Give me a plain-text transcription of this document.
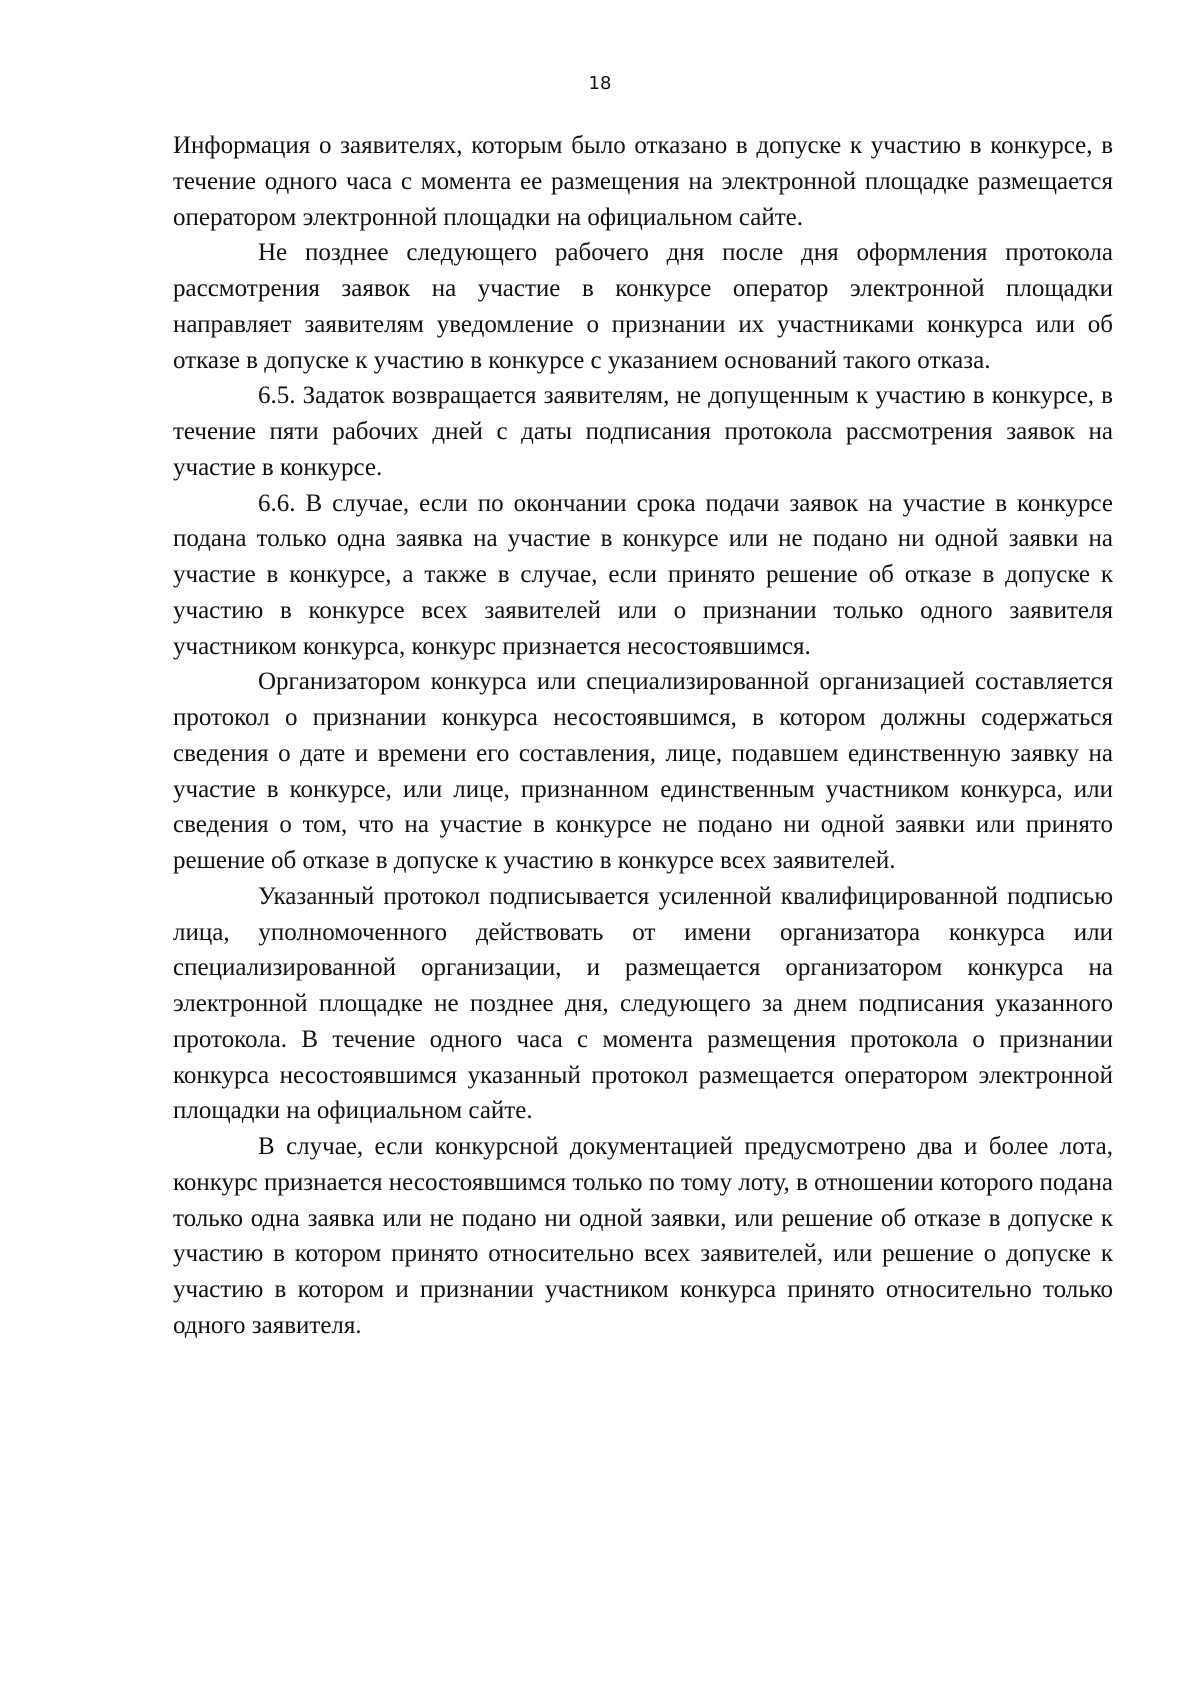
18

Информация о заявителях, которым было отказано в допуске к участию в конкурсе, в течение одного часа с момента ее размещения на электронной площадке размещается оператором электронной площадки на официальном сайте.

Не позднее следующего рабочего дня после дня оформления протокола рассмотрения заявок на участие в конкурсе оператор электронной площадки направляет заявителям уведомление о признании их участниками конкурса или об отказе в допуске к участию в конкурсе с указанием оснований такого отказа.

6.5. Задаток возвращается заявителям, не допущенным к участию в конкурсе, в течение пяти рабочих дней с даты подписания протокола рассмотрения заявок на участие в конкурсе.

6.6. В случае, если по окончании срока подачи заявок на участие в конкурсе подана только одна заявка на участие в конкурсе или не подано ни одной заявки на участие в конкурсе, а также в случае, если принято решение об отказе в допуске к участию в конкурсе всех заявителей или о признании только одного заявителя участником конкурса, конкурс признается несостоявшимся.

Организатором конкурса или специализированной организацией составляется протокол о признании конкурса несостоявшимся, в котором должны содержаться сведения о дате и времени его составления, лице, подавшем единственную заявку на участие в конкурсе, или лице, признанном единственным участником конкурса, или сведения о том, что на участие в конкурсе не подано ни одной заявки или принято решение об отказе в допуске к участию в конкурсе всех заявителей.

Указанный протокол подписывается усиленной квалифицированной подписью лица, уполномоченного действовать от имени организатора конкурса или специализированной организации, и размещается организатором конкурса на электронной площадке не позднее дня, следующего за днем подписания указанного протокола. В течение одного часа с момента размещения протокола о признании конкурса несостоявшимся указанный протокол размещается оператором электронной площадки на официальном сайте.

В случае, если конкурсной документацией предусмотрено два и более лота, конкурс признается несостоявшимся только по тому лоту, в отношении которого подана только одна заявка или не подано ни одной заявки, или решение об отказе в допуске к участию в котором принято относительно всех заявителей, или решение о допуске к участию в котором и признании участником конкурса принято относительно только одного заявителя.
